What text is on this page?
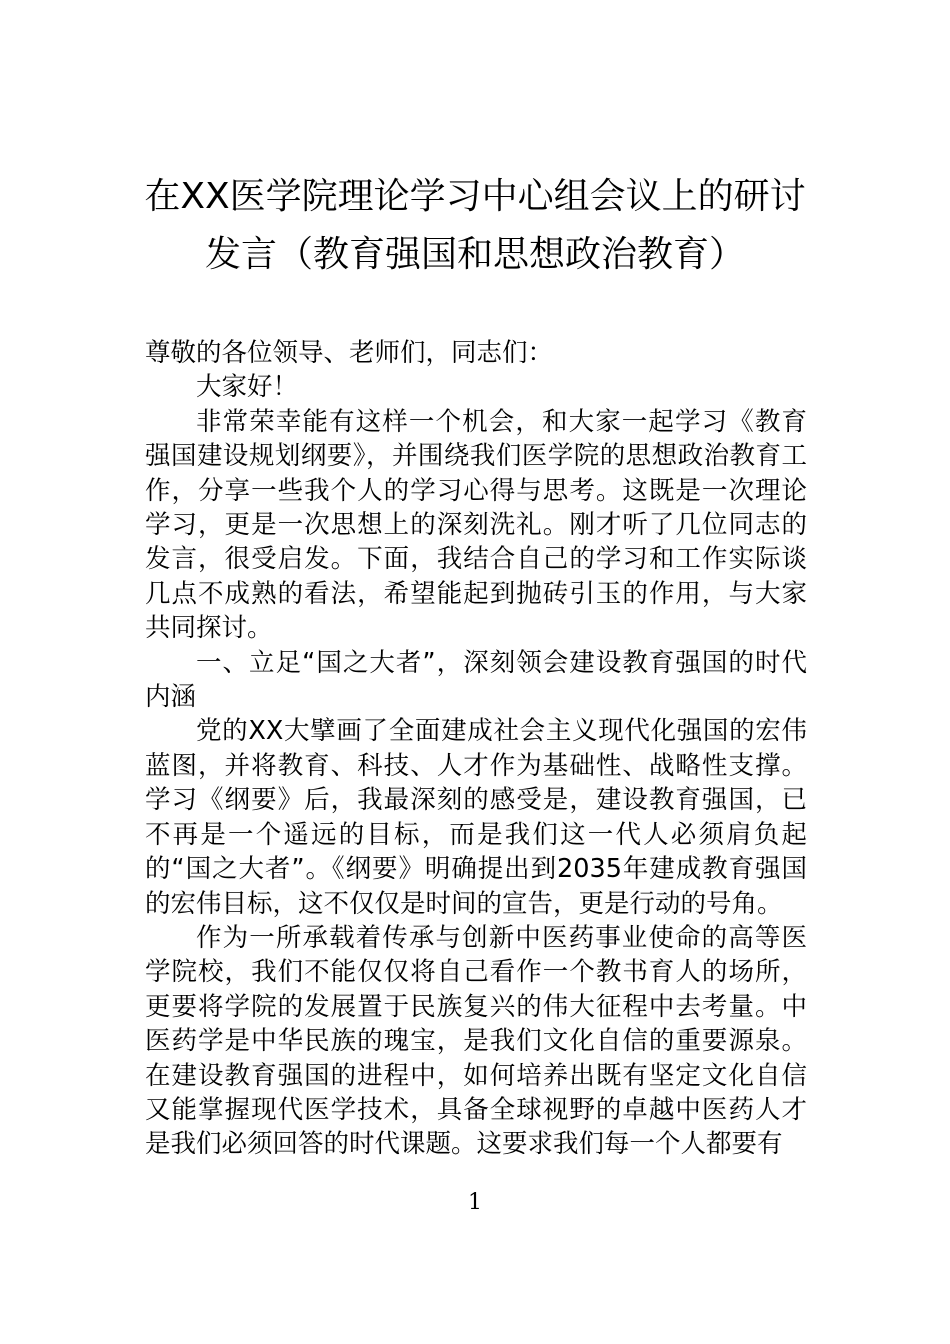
在XX医学院理论学习中心组会议上的研讨
发言（教育强国和思想政治教育）

尊敬的各位领导、老师们，同志们：

大家好！

非常荣幸能有这样一个机会，和大家一起学习《教育强国建设规划纲要》，并围绕我们医学院的思想政治教育工作，分享一些我个人的学习心得与思考。这既是一次理论学习，更是一次思想上的深刻洗礼。刚才听了几位同志的发言，很受启发。下面，我结合自己的学习和工作实际谈几点不成熟的看法，希望能起到抛砖引玉的作用，与大家共同探讨。

一、立足“国之大者”，深刻领会建设教育强国的时代内涵

党的XX大擘画了全面建成社会主义现代化强国的宏伟蓝图，并将教育、科技、人才作为基础性、战略性支撑。学习《纲要》后，我最深刻的感受是，建设教育强国，已不再是一个遥远的目标，而是我们这一代人必须肩负起的“国之大者”。《纲要》明确提出到2035年建成教育强国的宏伟目标，这不仅仅是时间的宣告，更是行动的号角。

作为一所承载着传承与创新中医药事业使命的高等医学院校，我们不能仅仅将自己看作一个教书育人的场所，更要将学院的发展置于民族复兴的伟大征程中去考量。中医药学是中华民族的瑰宝，是我们文化自信的重要源泉。在建设教育强国的进程中，如何培养出既有坚定文化自信又能掌握现代医学技术，具备全球视野的卓越中医药人才是我们必须回答的时代课题。这要求我们每一个人都要有

1
